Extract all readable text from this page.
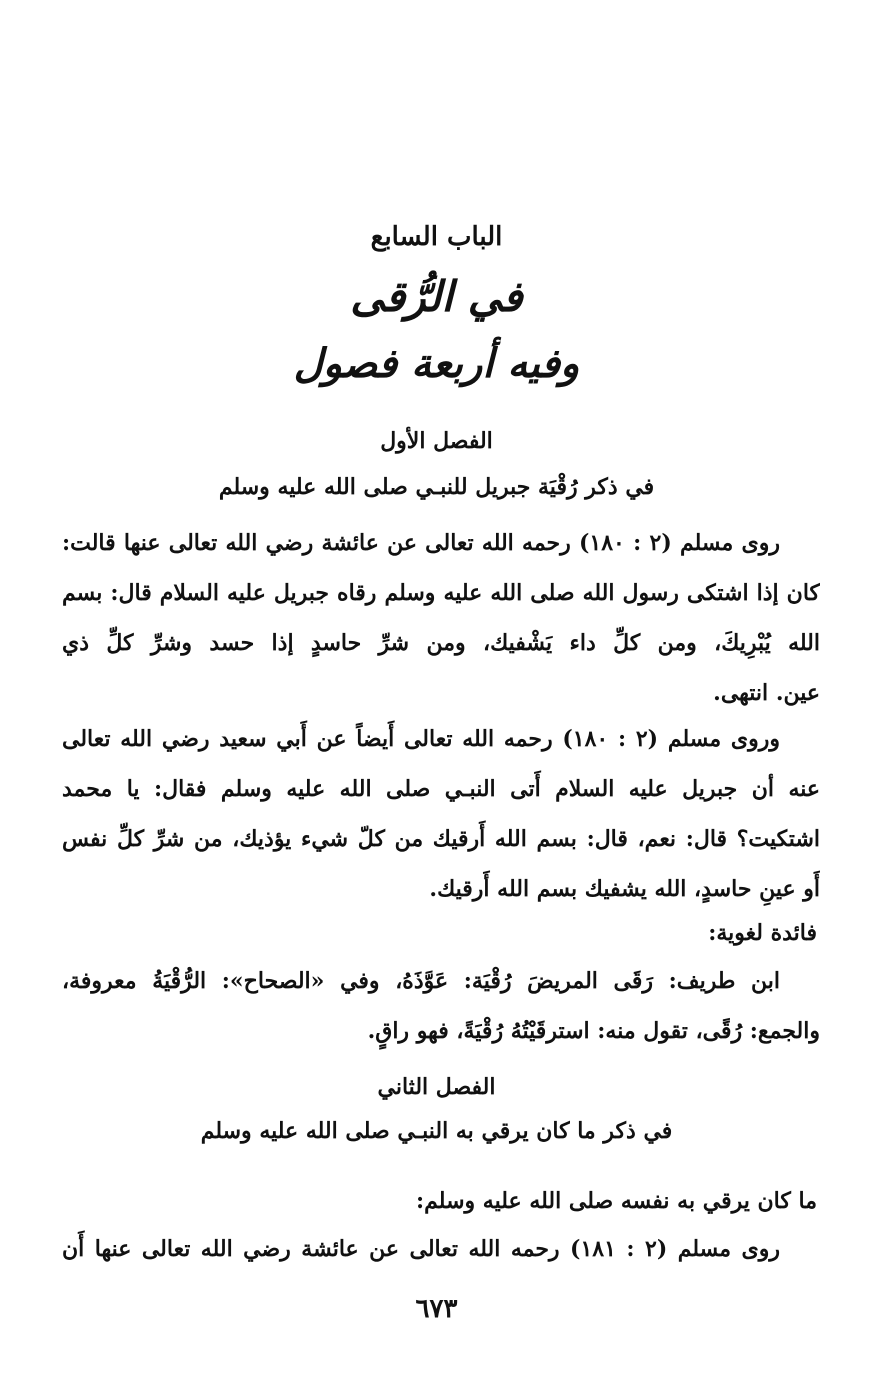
الباب السابع
في الرُّقى
وفيه أربعة فصول
الفصل الأول
في ذكر رُقْيَة جبريل للنبـي صلى الله عليه وسلم
روى مسلم (٢ : ١٨٠) رحمه الله تعالى عن عائشة رضي الله تعالى عنها قالت:
كان إذا اشتكى رسول الله صلى الله عليه وسلم رقاه جبريل عليه السلام قال: بسم
الله يُبْرِيكَ، ومن كلِّ داء يَشْفيك، ومن شرِّ حاسدٍ إذا حسد وشرِّ كلِّ ذي
عين. انتهى.
وروى مسلم (٢ : ١٨٠) رحمه الله تعالى أَيضاً عن أَبي سعيد رضي الله تعالى
عنه أن جبريل عليه السلام أَتى النبـي صلى الله عليه وسلم فقال: يا محمد
اشتكيت؟ قال: نعم، قال: بسم الله أَرقيك من كلّ شيء يؤذيك، من شرِّ كلِّ نفس
أَو عينِ حاسدٍ، الله يشفيك بسم الله أَرقيك.
فائدة لغوية:
ابن طريف: رَقَى المريضَ رُقْيَة: عَوَّذَهُ، وفي «الصحاح»: الرُّقْيَةُ معروفة،
والجمع: رُقًى، تقول منه: استرقَيْتُهُ رُقْيَةً، فهو راقٍ.
الفصل الثاني
في ذكر ما كان يرقي به النبـي صلى الله عليه وسلم
ما كان يرقي به نفسه صلى الله عليه وسلم:
روى مسلم (٢ : ١٨١) رحمه الله تعالى عن عائشة رضي الله تعالى عنها أَن
٦٧٣
